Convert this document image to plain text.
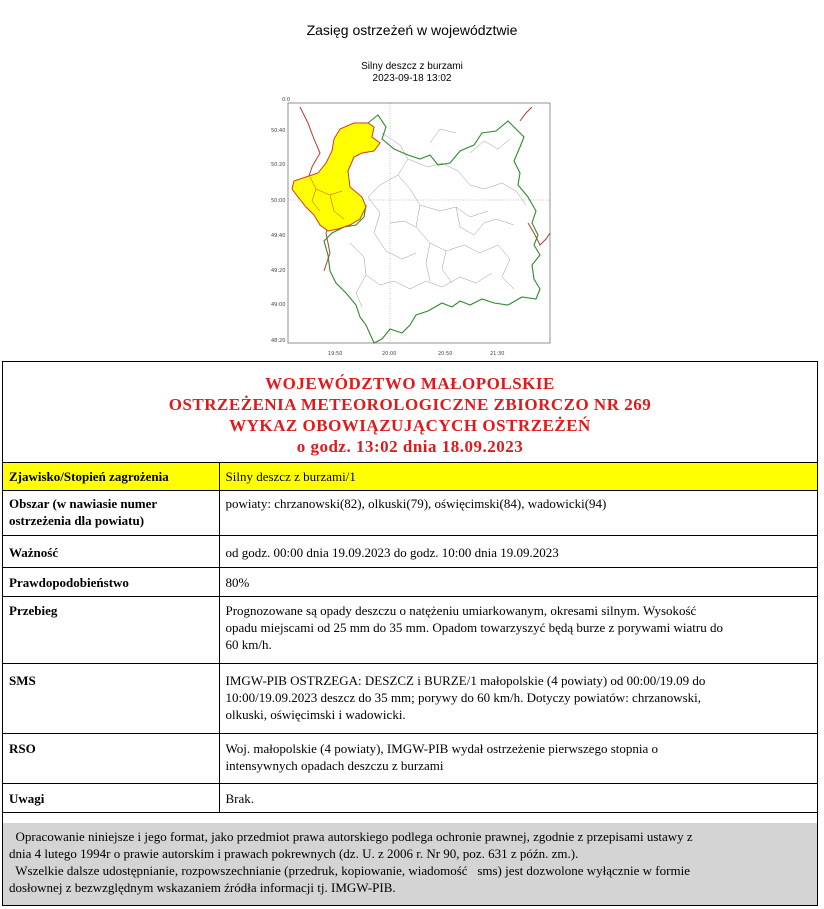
Zasięg ostrzeżeń w województwie
Silny deszcz z burzami
2023-09-18 13:02
0:0
50:40
50:20
50:00
49:40
49:20
49:00
48:20
19:50	20:00	20:50	21:30
WOJEWÓDZTWO MAŁOPOLSKIE
OSTRZEŻENIA METEOROLOGICZNE ZBIORCZO NR 269
WYKAZ OBOWIĄZUJĄCYCH OSTRZEŻEŃ
o godz. 13:02 dnia 18.09.2023
Zjawisko/Stopień zagrożenia	Silny deszcz z burzami/1

Obszar (w nawiasie numer
ostrzeżenia dla powiatu)	powiaty: chrzanowski(82), olkuski(79), oświęcimski(84), wadowicki(94)
Ważność	od godz. 00:00 dnia 19.09.2023 do godz. 10:00 dnia 19.09.2023
Prawdopodobieństwo	80%
Przebieg	Prognozowane są opady deszczu o natężeniu umiarkowanym, okresami silnym. Wysokość
opadu miejscami od 25 mm do 35 mm. Opadom towarzyszyć będą burze z porywami wiatru do
60 km/h.

SMS	IMGW-PIB OSTRZEGA: DESZCZ i BURZE/1 małopolskie (4 powiaty) od 00:00/19.09 do
10:00/19.09.2023 deszcz do 35 mm; porywy do 60 km/h. Dotyczy powiatów: chrzanowski,
olkuski, oświęcimski i wadowicki.

RSO	Woj. małopolskie (4 powiaty), IMGW-PIB wydał ostrzeżenie pierwszego stopnia o
intensywnych opadach deszczu z burzami

Uwagi	Brak.
Opracowanie niniejsze i jego format, jako przedmiot prawa autorskiego podlega ochronie prawnej, zgodnie z przepisami ustawy z
dnia 4 lutego 1994r o prawie autorskim i prawach pokrewnych (dz. U. z 2006 r. Nr 90, poz. 631 z późn. zm.).
Wszelkie dalsze udostępnianie, rozpowszechnianie (przedruk, kopiowanie, wiadomość   sms) jest dozwolone wyłącznie w formie
dosłownej z bezwzględnym wskazaniem źródła informacji tj. IMGW-PIB.
